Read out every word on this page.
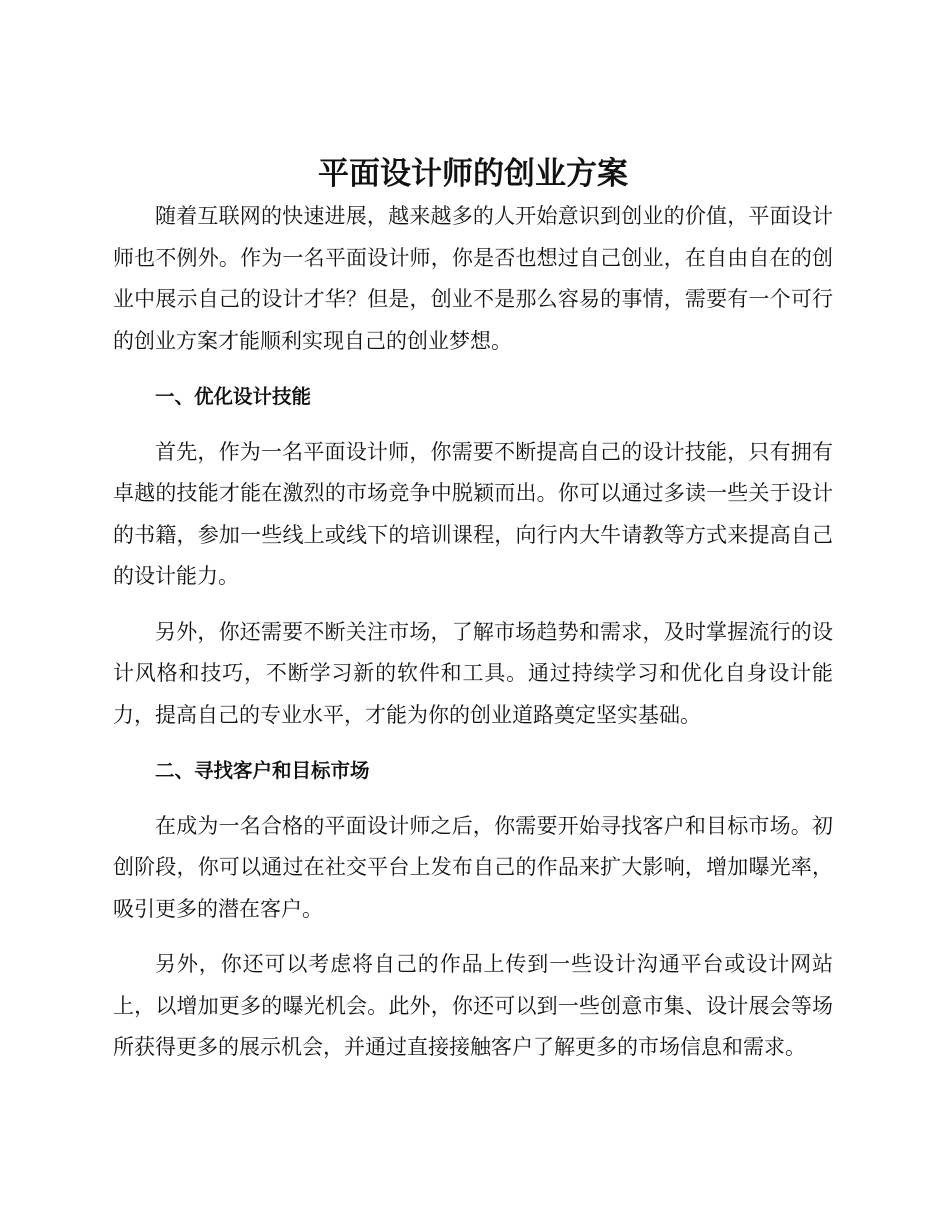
平面设计师的创业方案

随着互联网的快速进展，越来越多的人开始意识到创业的价值，平面设计师也不例外。作为一名平面设计师，你是否也想过自己创业，在自由自在的创业中展示自己的设计才华？但是，创业不是那么容易的事情，需要有一个可行的创业方案才能顺利实现自己的创业梦想。

一、优化设计技能

首先，作为一名平面设计师，你需要不断提高自己的设计技能，只有拥有卓越的技能才能在激烈的市场竞争中脱颖而出。你可以通过多读一些关于设计的书籍，参加一些线上或线下的培训课程，向行内大牛请教等方式来提高自己的设计能力。

另外，你还需要不断关注市场，了解市场趋势和需求，及时掌握流行的设计风格和技巧，不断学习新的软件和工具。通过持续学习和优化自身设计能力，提高自己的专业水平，才能为你的创业道路奠定坚实基础。

二、寻找客户和目标市场

在成为一名合格的平面设计师之后，你需要开始寻找客户和目标市场。初创阶段，你可以通过在社交平台上发布自己的作品来扩大影响，增加曝光率，吸引更多的潜在客户。

另外，你还可以考虑将自己的作品上传到一些设计沟通平台或设计网站上，以增加更多的曝光机会。此外，你还可以到一些创意市集、设计展会等场所获得更多的展示机会，并通过直接接触客户了解更多的市场信息和需求。
